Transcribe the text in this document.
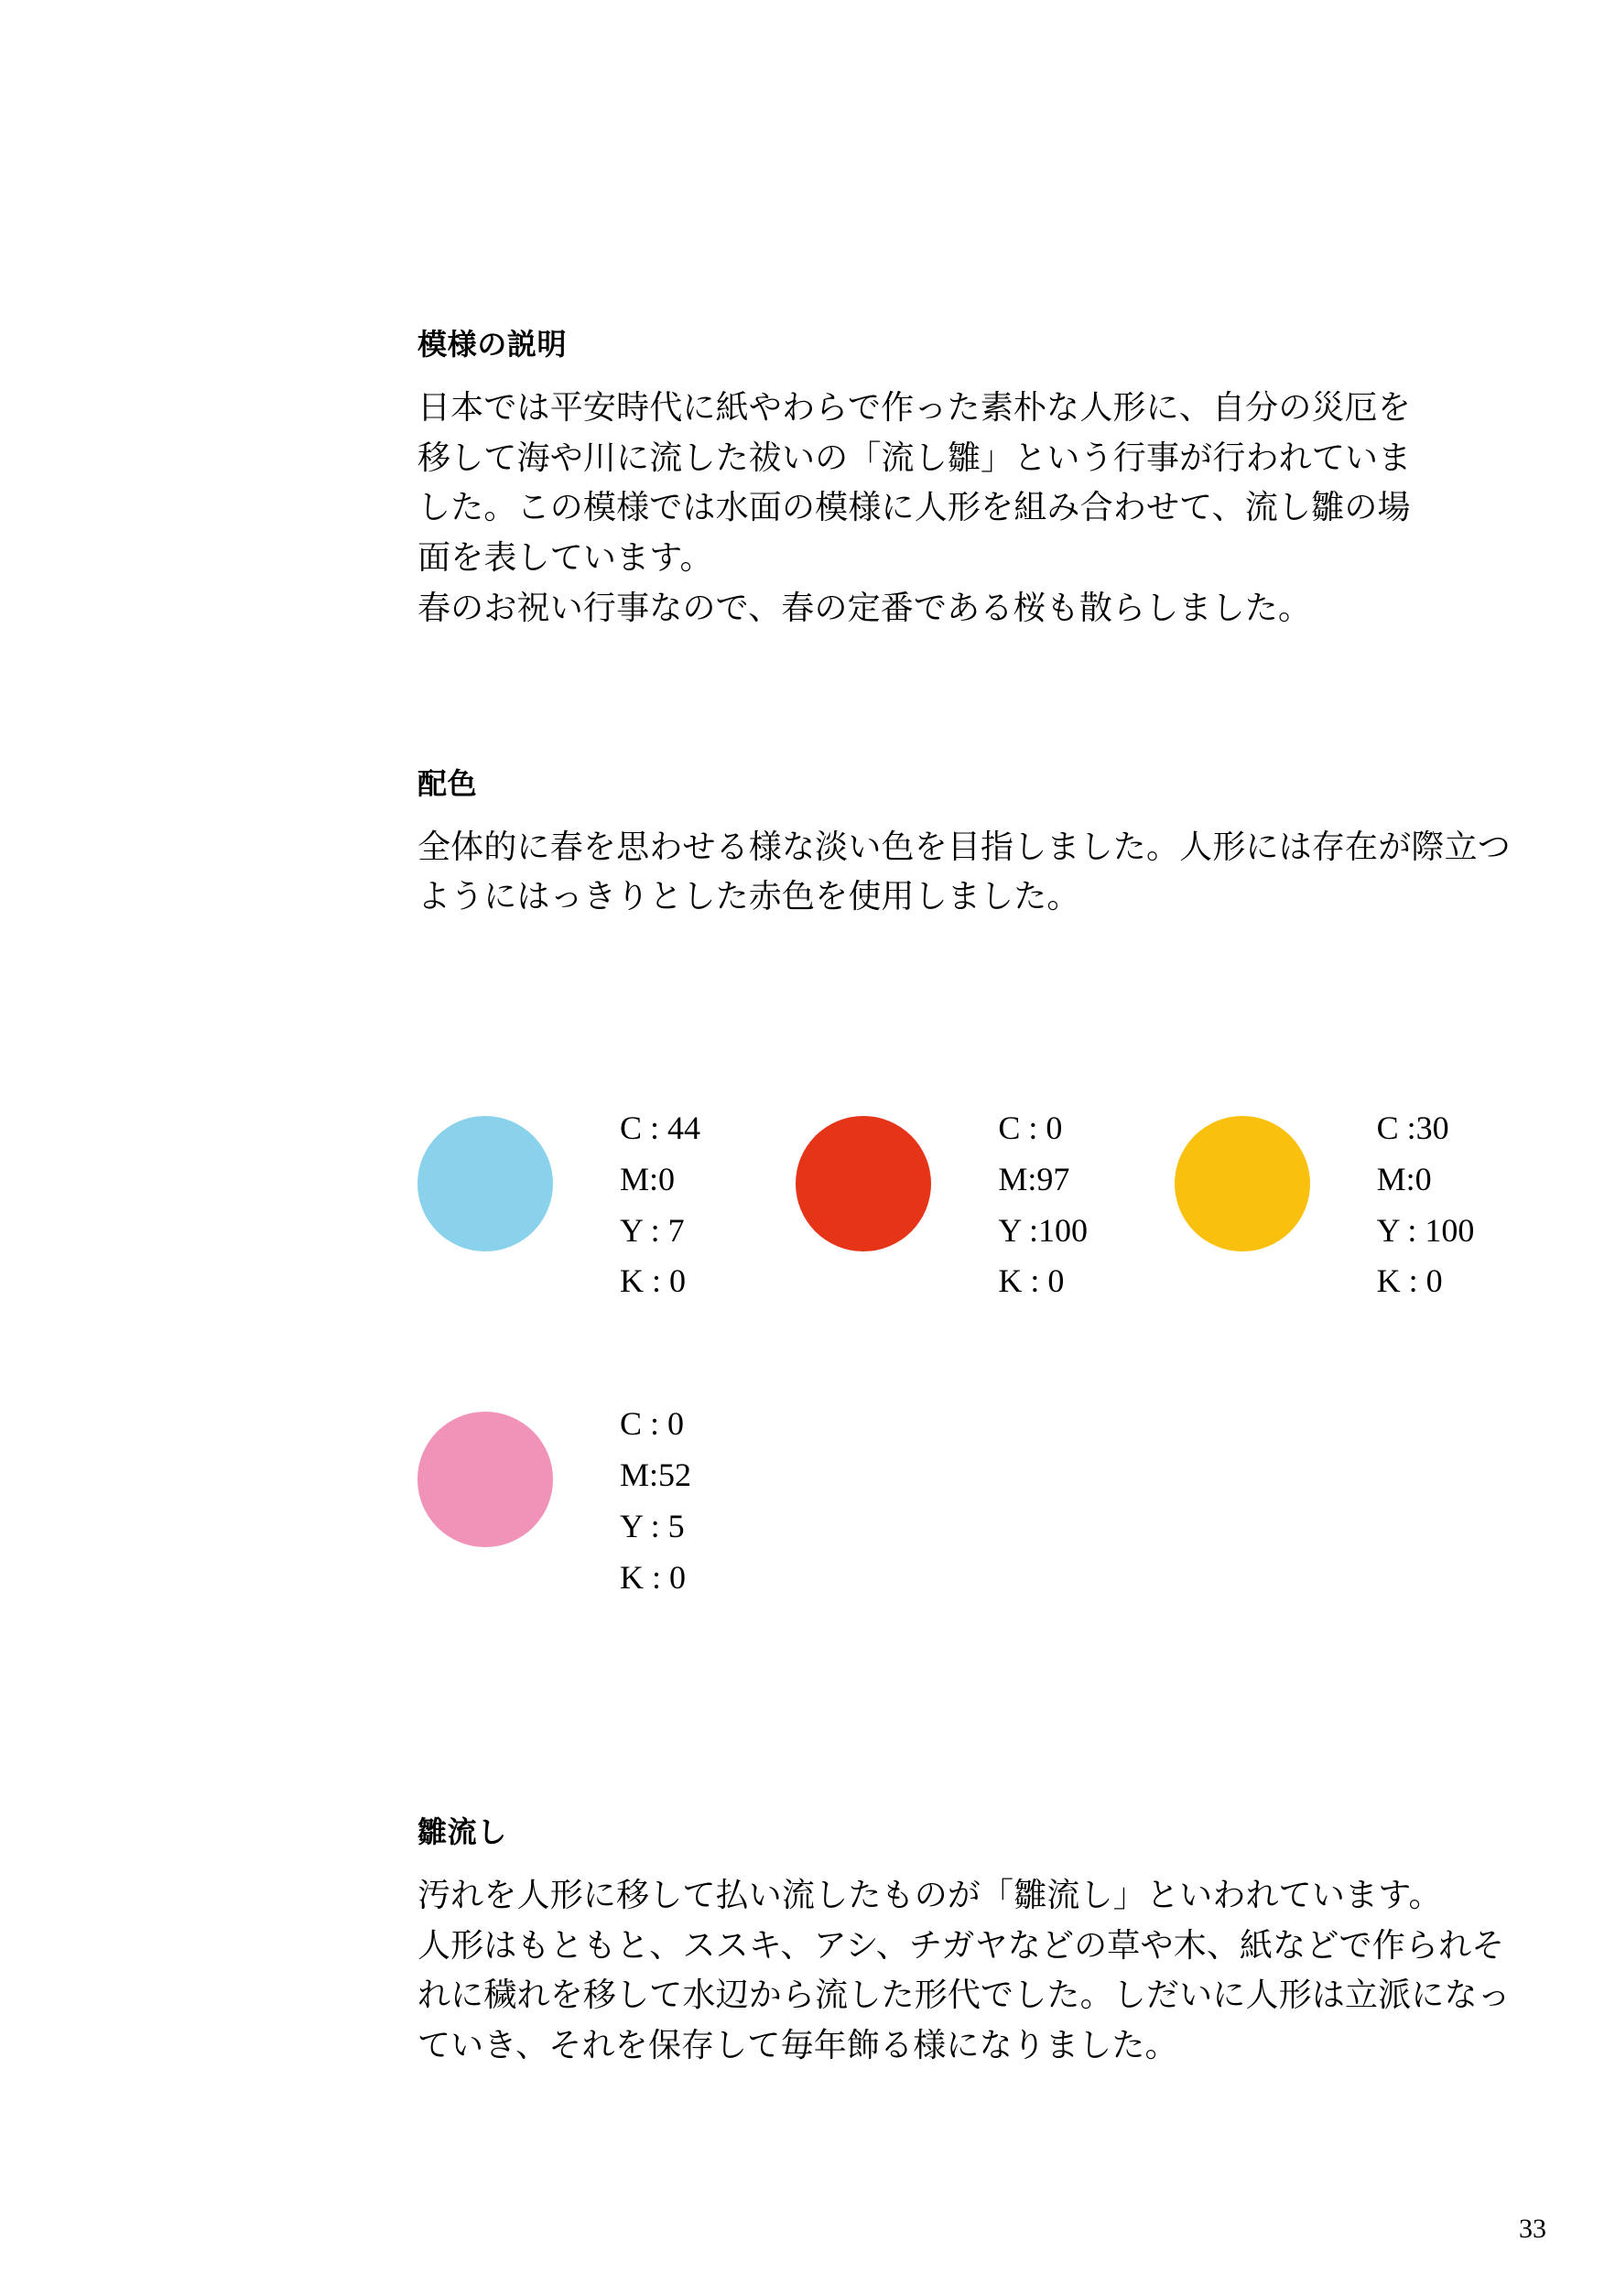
模様の説明

日本では平安時代に紙やわらで作った素朴な人形に、自分の災厄を
移して海や川に流した祓いの「流し雛」という行事が行われていま
した。この模様では水面の模様に人形を組み合わせて、流し雛の場
面を表しています。
春のお祝い行事なので、春の定番である桜も散らしました。

配色

全体的に春を思わせる様な淡い色を目指しました。人形には存在が際立つ
ようにはっきりとした赤色を使用しました。

C : 44
M:0
Y : 7
K : 0
C : 0
M:97
Y :100
K : 0
C :30
M:0
Y : 100
K : 0
C : 0
M:52
Y : 5
K : 0
雛流し

汚れを人形に移して払い流したものが「雛流し」といわれています。
人形はもともと、ススキ、アシ、チガヤなどの草や木、紙などで作られそ
れに穢れを移して水辺から流した形代でした。しだいに人形は立派になっ
ていき、それを保存して毎年飾る様になりました。

33
